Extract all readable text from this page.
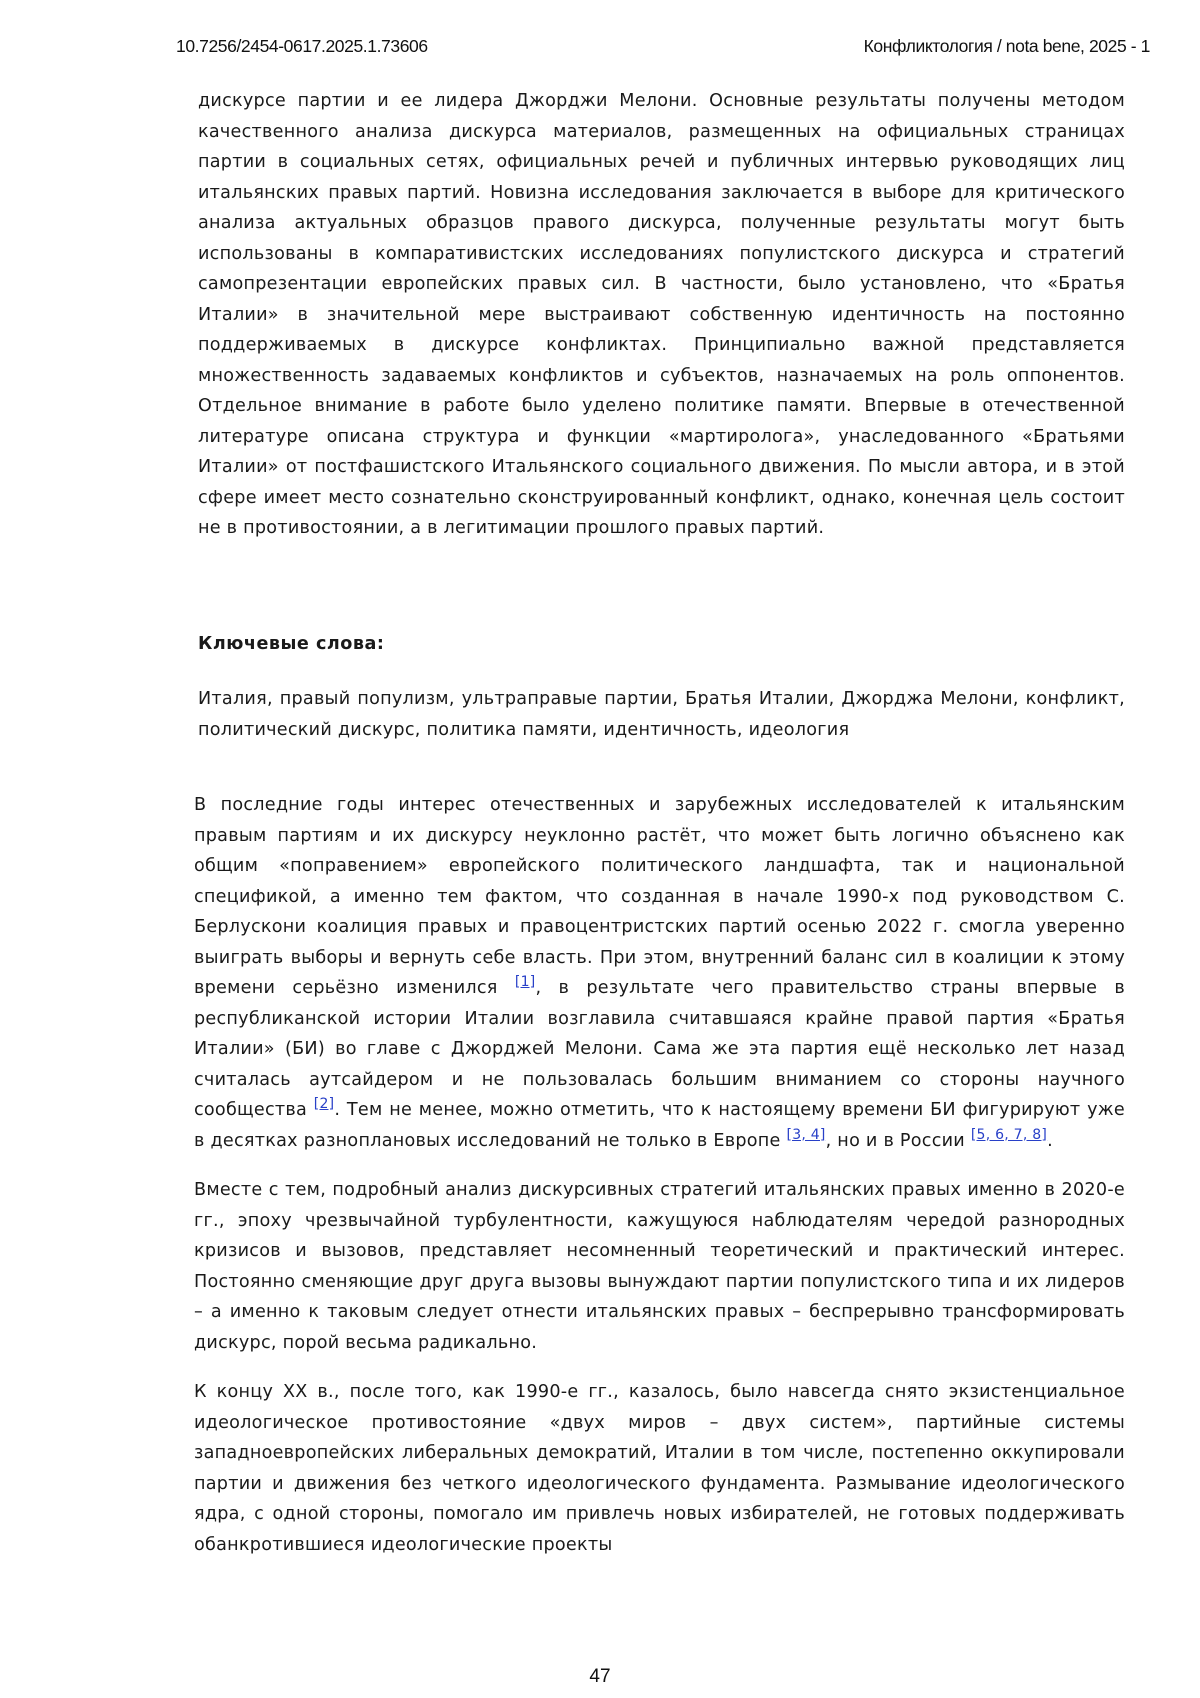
10.7256/2454-0617.2025.1.73606	Конфликтология / nota bene, 2025 - 1

дискурсе партии и ее лидера Джорджи Мелони. Основные результаты получены методом качественного анализа дискурса материалов, размещенных на официальных страницах партии в социальных сетях, официальных речей и публичных интервью руководящих лиц итальянских правых партий. Новизна исследования заключается в выборе для критического анализа актуальных образцов правого дискурса, полученные результаты могут быть использованы в компаративистских исследованиях популистского дискурса и стратегий самопрезентации европейских правых сил. В частности, было установлено, что «Братья Италии» в значительной мере выстраивают собственную идентичность на постоянно поддерживаемых в дискурсе конфликтах. Принципиально важной представляется множественность задаваемых конфликтов и субъектов, назначаемых на роль оппонентов. Отдельное внимание в работе было уделено политике памяти. Впервые в отечественной литературе описана структура и функции «мартиролога», унаследованного «Братьями Италии» от постфашистского Итальянского социального движения. По мысли автора, и в этой сфере имеет место сознательно сконструированный конфликт, однако, конечная цель состоит не в противостоянии, а в легитимации прошлого правых партий.

Ключевые слова:

Италия, правый популизм, ультраправые партии, Братья Италии, Джорджа Мелони, конфликт, политический дискурс, политика памяти, идентичность, идеология

В последние годы интерес отечественных и зарубежных исследователей к итальянским правым партиям и их дискурсу неуклонно растёт, что может быть логично объяснено как общим «поправением» европейского политического ландшафта, так и национальной спецификой, а именно тем фактом, что созданная в начале 1990-х под руководством С. Берлускони коалиция правых и правоцентристских партий осенью 2022 г. смогла уверенно выиграть выборы и вернуть себе власть. При этом, внутренний баланс сил в коалиции к этому времени серьёзно изменился [1], в результате чего правительство страны впервые в республиканской истории Италии возглавила считавшаяся крайне правой партия «Братья Италии» (БИ) во главе с Джорджей Мелони. Сама же эта партия ещё несколько лет назад считалась аутсайдером и не пользовалась большим вниманием со стороны научного сообщества [2]. Тем не менее, можно отметить, что к настоящему времени БИ фигурируют уже в десятках разноплановых исследований не только в Европе [3, 4], но и в России [5, 6, 7, 8].

Вместе с тем, подробный анализ дискурсивных стратегий итальянских правых именно в 2020-е гг., эпоху чрезвычайной турбулентности, кажущуюся наблюдателям чередой разнородных кризисов и вызовов, представляет несомненный теоретический и практический интерес. Постоянно сменяющие друг друга вызовы вынуждают партии популистского типа и их лидеров – а именно к таковым следует отнести итальянских правых – беспрерывно трансформировать дискурс, порой весьма радикально.

К концу XX в., после того, как 1990-е гг., казалось, было навсегда снято экзистенциальное идеологическое противостояние «двух миров – двух систем», партийные системы западноевропейских либеральных демократий, Италии в том числе, постепенно оккупировали партии и движения без четкого идеологического фундамента. Размывание идеологического ядра, с одной стороны, помогало им привлечь новых избирателей, не готовых поддерживать обанкротившиеся идеологические проекты

47
